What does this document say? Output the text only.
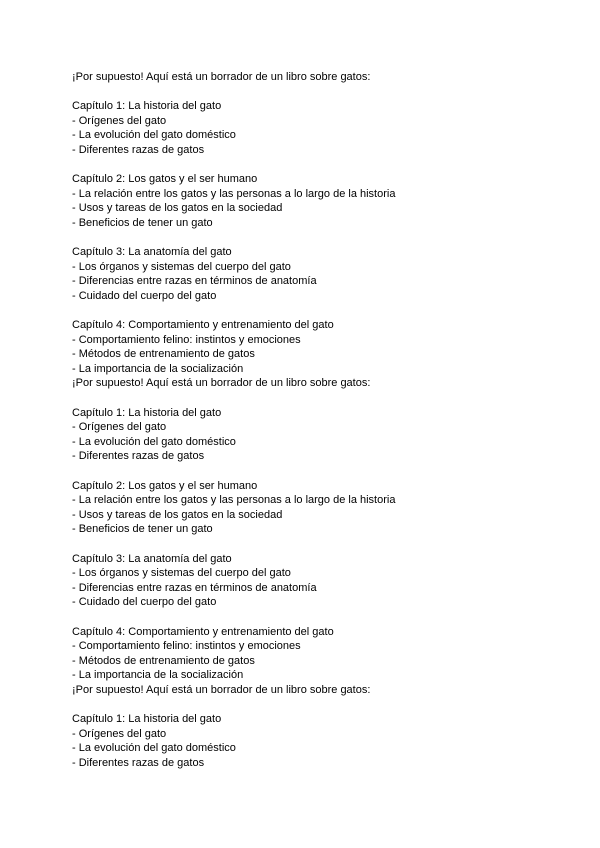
¡Por supuesto! Aquí está un borrador de un libro sobre gatos:
Capítulo 1: La historia del gato
- Orígenes del gato
- La evolución del gato doméstico
- Diferentes razas de gatos
Capítulo 2: Los gatos y el ser humano
- La relación entre los gatos y las personas a lo largo de la historia
- Usos y tareas de los gatos en la sociedad
- Beneficios de tener un gato
Capítulo 3: La anatomía del gato
- Los órganos y sistemas del cuerpo del gato
- Diferencias entre razas en términos de anatomía
- Cuidado del cuerpo del gato
Capítulo 4: Comportamiento y entrenamiento del gato
- Comportamiento felino: instintos y emociones
- Métodos de entrenamiento de gatos
- La importancia de la socialización
¡Por supuesto! Aquí está un borrador de un libro sobre gatos:
Capítulo 1: La historia del gato
- Orígenes del gato
- La evolución del gato doméstico
- Diferentes razas de gatos
Capítulo 2: Los gatos y el ser humano
- La relación entre los gatos y las personas a lo largo de la historia
- Usos y tareas de los gatos en la sociedad
- Beneficios de tener un gato
Capítulo 3: La anatomía del gato
- Los órganos y sistemas del cuerpo del gato
- Diferencias entre razas en términos de anatomía
- Cuidado del cuerpo del gato
Capítulo 4: Comportamiento y entrenamiento del gato
- Comportamiento felino: instintos y emociones
- Métodos de entrenamiento de gatos
- La importancia de la socialización
¡Por supuesto! Aquí está un borrador de un libro sobre gatos:
Capítulo 1: La historia del gato
- Orígenes del gato
- La evolución del gato doméstico
- Diferentes razas de gatos
